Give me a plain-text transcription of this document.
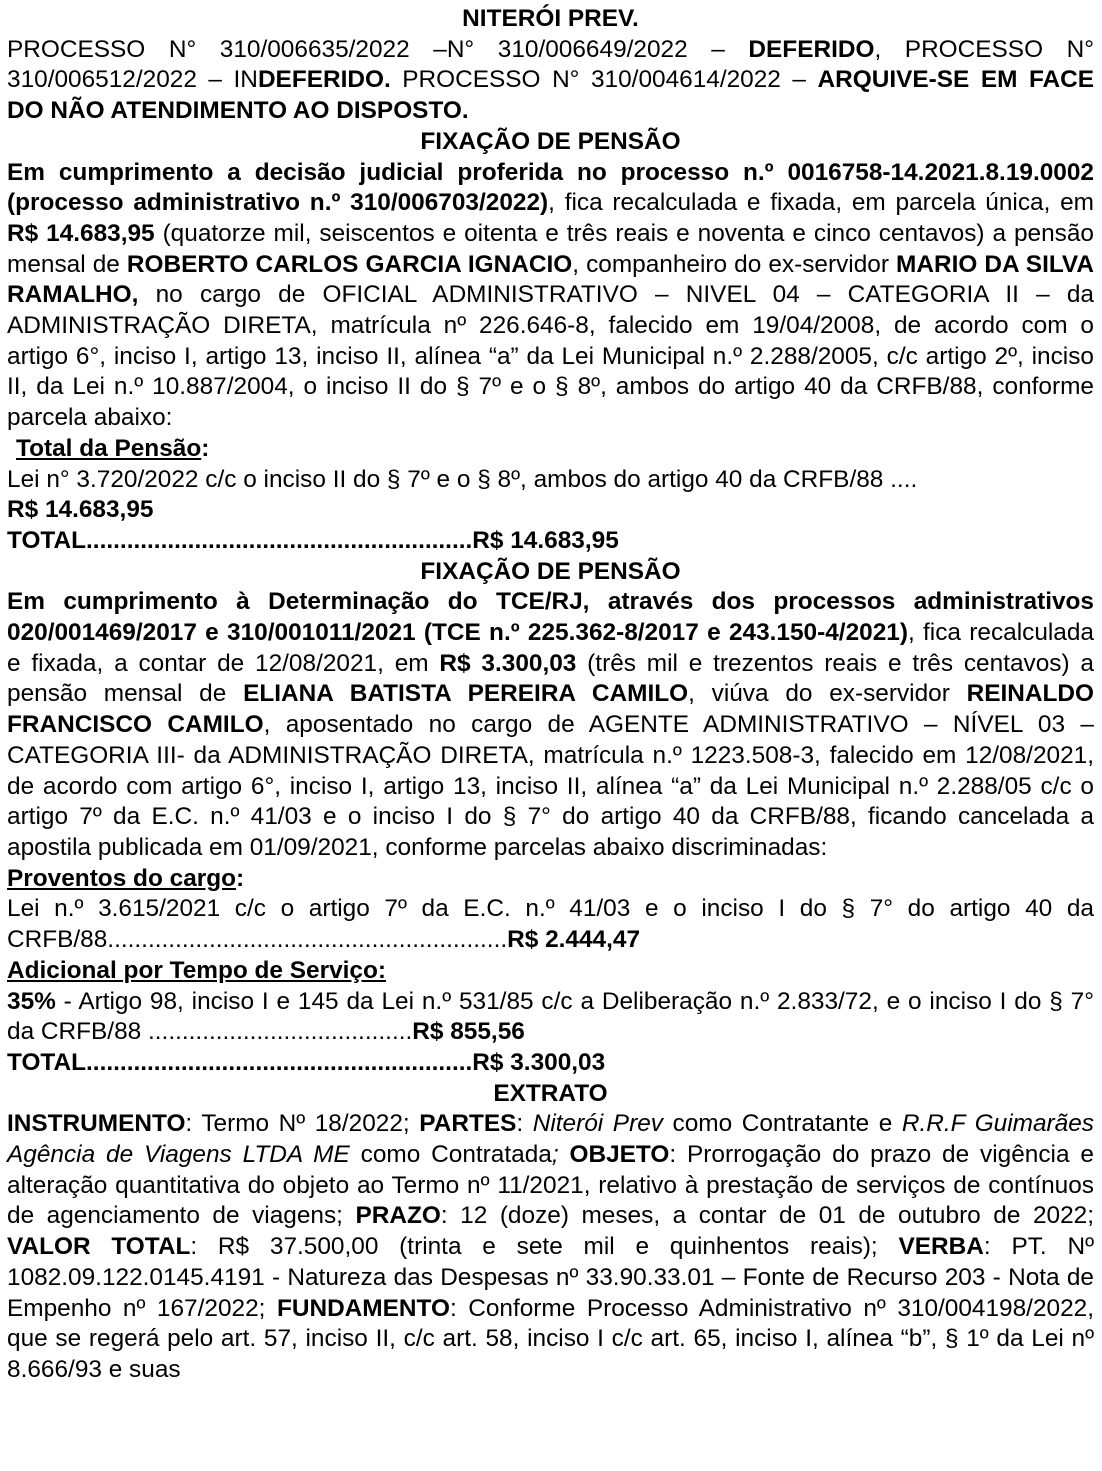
NITERÓI PREV.

PROCESSO N° 310/006635/2022 –N° 310/006649/2022 – DEFERIDO, PROCESSO N° 310/006512/2022 – INDEFERIDO. PROCESSO N° 310/004614/2022 – ARQUIVE-SE EM FACE DO NÃO ATENDIMENTO AO DISPOSTO.

FIXAÇÃO DE PENSÃO

Em cumprimento a decisão judicial proferida no processo n.º 0016758-14.2021.8.19.0002 (processo administrativo n.º 310/006703/2022), fica recalculada e fixada, em parcela única, em R$ 14.683,95 (quatorze mil, seiscentos e oitenta e três reais e noventa e cinco centavos) a pensão mensal de ROBERTO CARLOS GARCIA IGNACIO, companheiro do ex-servidor MARIO DA SILVA RAMALHO, no cargo de OFICIAL ADMINISTRATIVO – NIVEL 04 – CATEGORIA II – da ADMINISTRAÇÃO DIRETA, matrícula nº 226.646-8, falecido em 19/04/2008, de acordo com o artigo 6°, inciso I, artigo 13, inciso II, alínea “a” da Lei Municipal n.º 2.288/2005, c/c artigo 2º, inciso II, da Lei n.º 10.887/2004, o inciso II do § 7º e o § 8º, ambos do artigo 40 da CRFB/88, conforme parcela abaixo:

Total da Pensão:

Lei n° 3.720/2022 c/c o inciso II do § 7º e o § 8º, ambos do artigo 40 da CRFB/88 ....

R$ 14.683,95

TOTAL.........................................................R$ 14.683,95

FIXAÇÃO DE PENSÃO

Em cumprimento à Determinação do TCE/RJ, através dos processos administrativos 020/001469/2017 e 310/001011/2021 (TCE n.º 225.362-8/2017 e 243.150-4/2021), fica recalculada e fixada, a contar de 12/08/2021, em R$ 3.300,03 (três mil e trezentos reais e três centavos) a pensão mensal de ELIANA BATISTA PEREIRA CAMILO, viúva do ex-servidor REINALDO FRANCISCO CAMILO, aposentado no cargo de AGENTE ADMINISTRATIVO – NÍVEL 03 – CATEGORIA III- da ADMINISTRAÇÃO DIRETA, matrícula n.º 1223.508-3, falecido em 12/08/2021, de acordo com artigo 6°, inciso I, artigo 13, inciso II, alínea “a” da Lei Municipal n.º 2.288/05 c/c o artigo 7º da E.C. n.º 41/03 e o inciso I do § 7° do artigo 40 da CRFB/88, ficando cancelada a apostila publicada em 01/09/2021, conforme parcelas abaixo discriminadas:

Proventos do cargo:

Lei n.º 3.615/2021 c/c o artigo 7º da E.C. n.º 41/03 e o inciso I do § 7° do artigo 40 da CRFB/88...........................................................R$ 2.444,47

Adicional por Tempo de Serviço:

35% - Artigo 98, inciso I e 145 da Lei n.º 531/85 c/c a Deliberação n.º 2.833/72, e o inciso I do § 7° da CRFB/88 .......................................R$ 855,56

TOTAL.........................................................R$ 3.300,03

EXTRATO

INSTRUMENTO: Termo Nº 18/2022; PARTES: Niterói Prev como Contratante e R.R.F Guimarães Agência de Viagens LTDA ME como Contratada; OBJETO: Prorrogação do prazo de vigência e alteração quantitativa do objeto ao Termo nº 11/2021, relativo à prestação de serviços de contínuos de agenciamento de viagens; PRAZO: 12 (doze) meses, a contar de 01 de outubro de 2022; VALOR TOTAL: R$ 37.500,00 (trinta e sete mil e quinhentos reais); VERBA: PT. Nº 1082.09.122.0145.4191 - Natureza das Despesas nº 33.90.33.01 – Fonte de Recurso 203 - Nota de Empenho nº 167/2022; FUNDAMENTO: Conforme Processo Administrativo nº 310/004198/2022, que se regerá pelo art. 57, inciso II, c/c art. 58, inciso I c/c art. 65, inciso I, alínea “b”, § 1º da Lei nº 8.666/93 e suas
